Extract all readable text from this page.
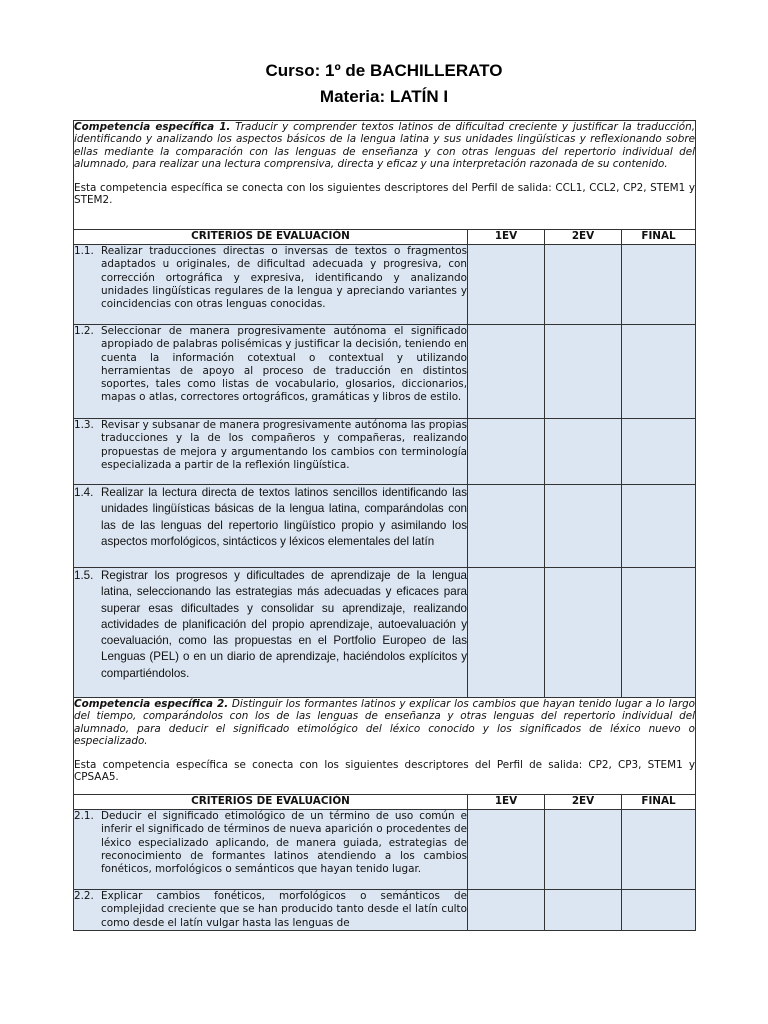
Curso: 1º de BACHILLERATO
Materia: LATÍN I

Competencia específica 1. Traducir y comprender textos latinos de dificultad creciente y justificar la traducción, identificando y analizando los aspectos básicos de la lengua latina y sus unidades lingüísticas y reflexionando sobre ellas mediante la comparación con las lenguas de enseñanza y con otras lenguas del repertorio individual del alumnado, para realizar una lectura comprensiva, directa y eficaz y una interpretación razonada de su contenido.

Esta competencia específica se conecta con los siguientes descriptores del Perfil de salida: CCL1, CCL2, CP2, STEM1 y STEM2.			

CRITERIOS DE EVALUACIÓN	1EV	2EV	FINAL

1.1. Realizar traducciones directas o inversas de textos o fragmentos adaptados u originales, de dificultad adecuada y progresiva, con corrección ortográfica y expresiva, identificando y analizando unidades lingüísticas regulares de la lengua y apreciando variantes y coincidencias con otras lenguas conocidas.			

1.2. Seleccionar de manera progresivamente autónoma el significado apropiado de palabras polisémicas y justificar la decisión, teniendo en cuenta la información cotextual o contextual y utilizando herramientas de apoyo al proceso de traducción en distintos soportes, tales como listas de vocabulario, glosarios, diccionarios, mapas o atlas, correctores ortográficos, gramáticas y libros de estilo.			

1.3. Revisar y subsanar de manera progresivamente autónoma las propias traducciones y la de los compañeros y compañeras, realizando propuestas de mejora y argumentando los cambios con terminología especializada a partir de la reflexión lingüística.			

1.4. Realizar la lectura directa de textos latinos sencillos identificando las unidades lingüísticas básicas de la lengua latina, comparándolas con las de las lenguas del repertorio lingüístico propio y asimilando los aspectos morfológicos, sintácticos y léxicos elementales del latín			

1.5. Registrar los progresos y dificultades de aprendizaje de la lengua latina, seleccionando las estrategias más adecuadas y eficaces para superar esas dificultades y consolidar su aprendizaje, realizando actividades de planificación del propio aprendizaje, autoevaluación y coevaluación, como las propuestas en el Portfolio Europeo de las Lenguas (PEL) o en un diario de aprendizaje, haciéndolos explícitos y compartiéndolos.			

Competencia específica 2. Distinguir los formantes latinos y explicar los cambios que hayan tenido lugar a lo largo del tiempo, comparándolos con los de las lenguas de enseñanza y otras lenguas del repertorio individual del alumnado, para deducir el significado etimológico del léxico conocido y los significados de léxico nuevo o especializado.

Esta competencia específica se conecta con los siguientes descriptores del Perfil de salida: CP2, CP3, STEM1 y CPSAA5.			

CRITERIOS DE EVALUACIÓN	1EV	2EV	FINAL

2.1. Deducir el significado etimológico de un término de uso común e inferir el significado de términos de nueva aparición o procedentes de léxico especializado aplicando, de manera guiada, estrategias de reconocimiento de formantes latinos atendiendo a los cambios fonéticos, morfológicos o semánticos que hayan tenido lugar.			

2.2. Explicar cambios fonéticos, morfológicos o semánticos de complejidad creciente que se han producido tanto desde el latín culto como desde el latín vulgar hasta las lenguas de			
